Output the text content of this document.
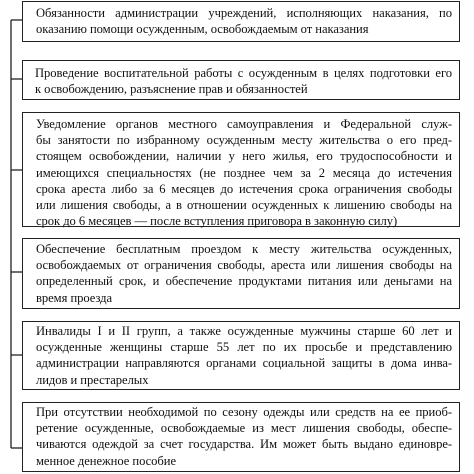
Обязанности администрации учреждений, исполняющих наказания, по

оказанию помощи осужденным, освобождаемым от наказания

Проведение воспитательной работы с осужденным в целях подготовки его

к освобождению, разъяснение прав и обязанностей

Уведомление органов местного самоуправления и Федеральной служ-

бы занятости по избранному осужденным месту жительства о его пред-

стоящем освобождении, наличии у него жилья, его трудоспособности и

имеющихся специальностях (не позднее чем за 2 месяца до истечения

срока ареста либо за 6 месяцев до истечения срока ограничения свободы

или лишения свободы, а в отношении осужденных к лишению свободы на

срок до 6 месяцев — после вступления приговора в законную силу)

Обеспечение бесплатным проездом к месту жительства осужденных,

освобождаемых от ограничения свободы, ареста или лишения свободы на

определенный срок, и обеспечение продуктами питания или деньгами на

время проезда

Инвалиды I и II групп, а также осужденные мужчины старше 60 лет и

осужденные женщины старше 55 лет по их просьбе и представлению

администрации направляются органами социальной защиты в дома инва-

лидов и престарелых

При отсутствии необходимой по сезону одежды или средств на ее приоб-

ретение осужденные, освобождаемые из мест лишения свободы, обеспе-

чиваются одеждой за счет государства. Им может быть выдано единовре-

менное денежное пособие
